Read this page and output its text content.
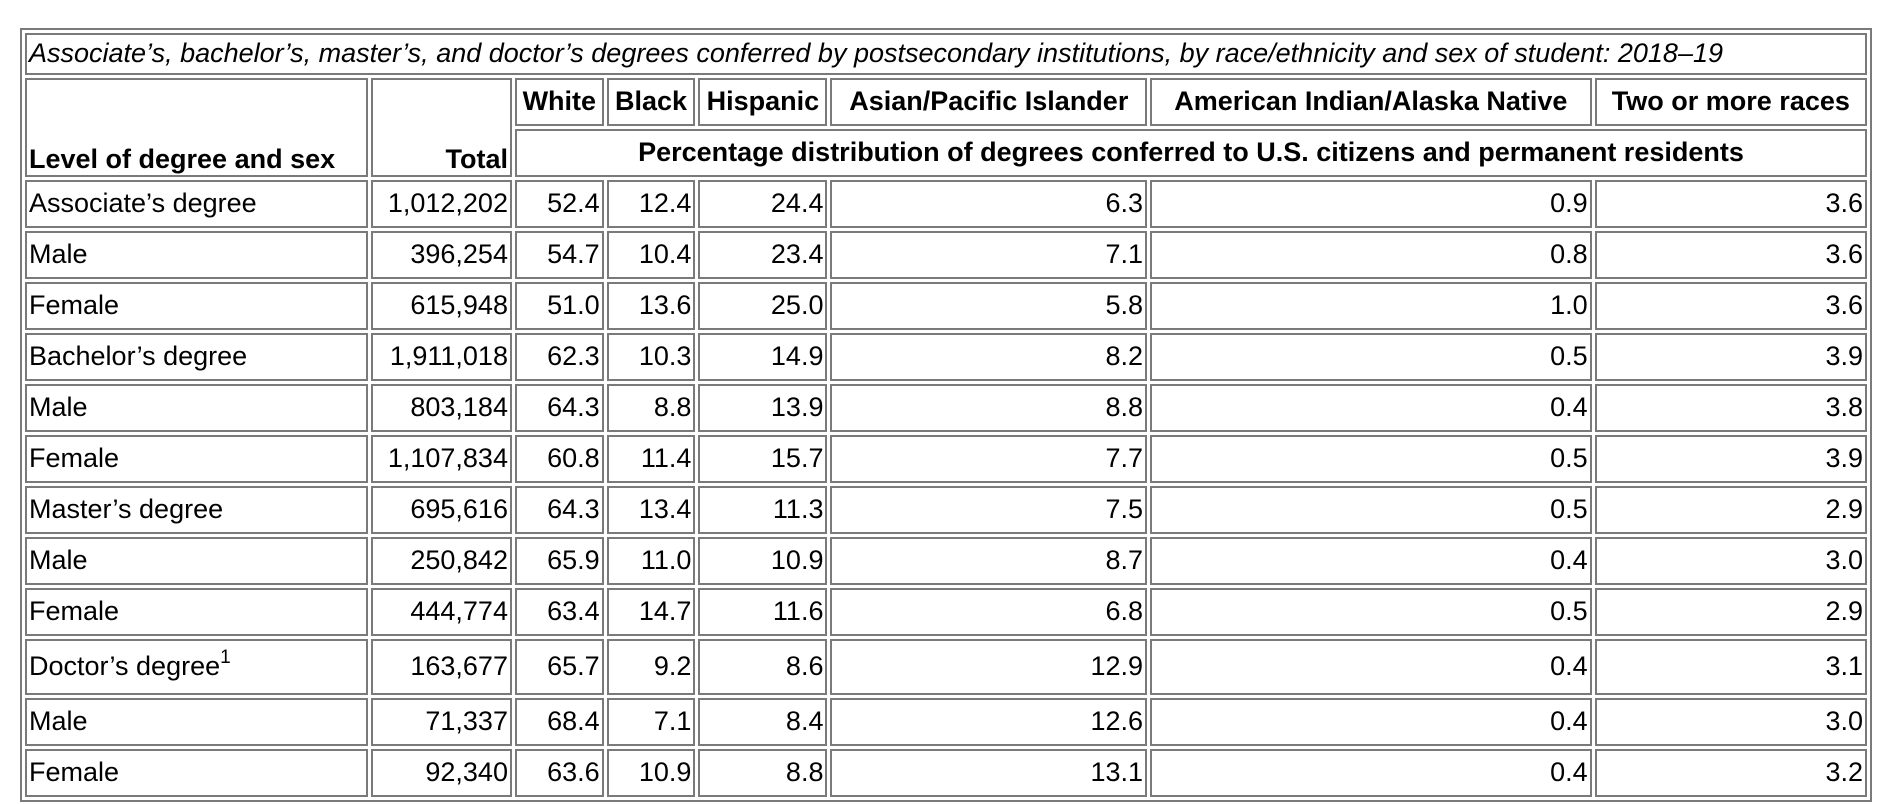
Associate’s, bachelor’s, master’s, and doctor’s degrees conferred by postsecondary institutions, by race/ethnicity and sex of student: 2018–19							
Level of degree and sex	Total	White	Black	Hispanic	Asian/Pacific Islander	American Indian/Alaska Native	Two or more races
		Percentage distribution of degrees conferred to U.S. citizens and permanent residents					
Associate’s degree	1,012,202	52.4	12.4	24.4	6.3	0.9	3.6
Male	396,254	54.7	10.4	23.4	7.1	0.8	3.6
Female	615,948	51.0	13.6	25.0	5.8	1.0	3.6
Bachelor’s degree	1,911,018	62.3	10.3	14.9	8.2	0.5	3.9
Male	803,184	64.3	8.8	13.9	8.8	0.4	3.8
Female	1,107,834	60.8	11.4	15.7	7.7	0.5	3.9
Master’s degree	695,616	64.3	13.4	11.3	7.5	0.5	2.9
Male	250,842	65.9	11.0	10.9	8.7	0.4	3.0
Female	444,774	63.4	14.7	11.6	6.8	0.5	2.9
Doctor’s degree$^1$	163,677	65.7	9.2	8.6	12.9	0.4	3.1
Male	71,337	68.4	7.1	8.4	12.6	0.4	3.0
Female	92,340	63.6	10.9	8.8	13.1	0.4	3.2
